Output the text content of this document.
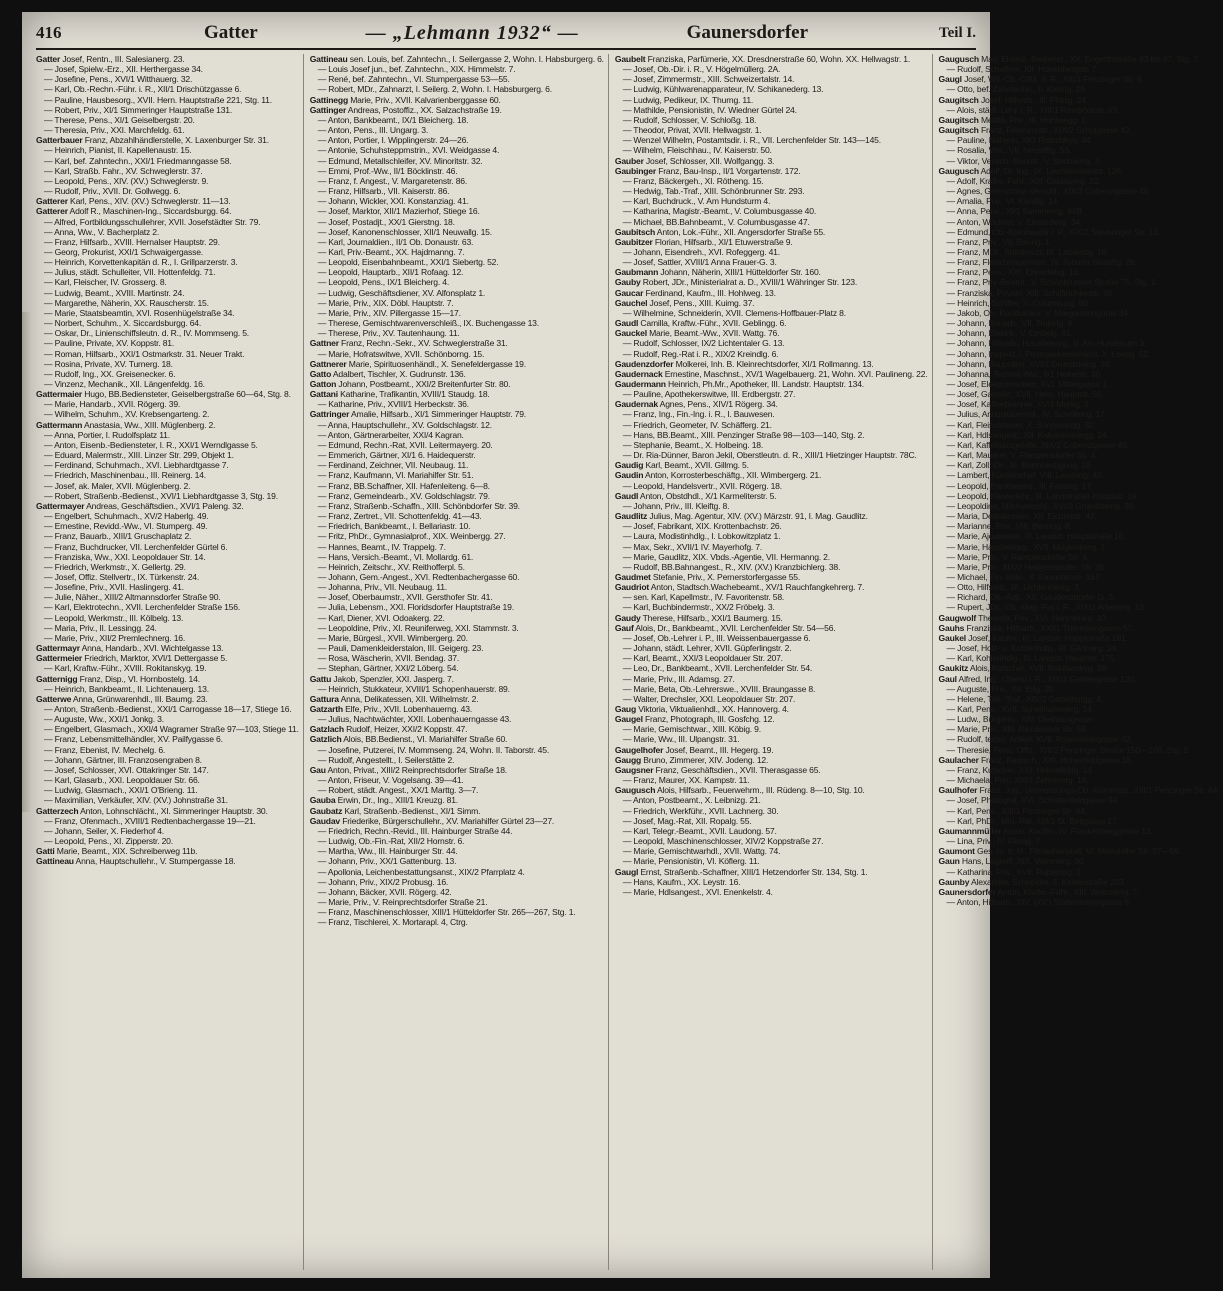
416	Gatter	— „Lehmann 1932“ —	Gaunersdorfer	Teil I.
Gatter Josef, Rentn., III. Salesianerg. 23.
— Josef, Spielw.-Erz., XII. Herthergasse 34.
— Josefine, Pens., XVI/1 Witthauerg. 32.
— Karl, Ob.-Rechn.-Führ. i. R., XII/1 Drischützgasse 6.
— Pauline, Hausbesorg., XVII. Hern. Hauptstraße 221, Stg. 11.
— Robert, Priv., XI/1 Simmeringer Hauptstraße 131.
— Therese, Pens., XI/1 Geiselbergstr. 20.
— Theresia, Priv., XXI. Marchfeldg. 61.
Gatterbauer Franz, Abzahlhändlerstelle, X. Laxenburger Str. 31.
— Heinrich, Pianist, II. Kapellenaustr. 15.
— Karl, bef. Zahntechn., XXI/1 Friedmanngasse 58.
— Karl, Straßb. Fahr., XV. Schweglerstr. 37.
— Leopold, Pens., XIV. (XV.) Schweglerstr. 9.
— Rudolf, Priv., XVII. Dr. Gollwegg. 6.
Gatterer Karl, Pens., XIV. (XV.) Schweglerstr. 11—13.
Gatterer Adolf R., Maschinen-Ing., Siccardsburgg. 64.
— Alfred, Fortbildungsschullehrer, XVII. Josefstädter Str. 79.
— Anna, Ww., V. Bacherplatz 2.
— Franz, Hilfsarb., XVIII. Hernalser Hauptstr. 29.
— Georg, Prokurist, XXI/1 Schwaigergasse.
— Heinrich, Korvettenkapitän d. R., I. Grillparzerstr. 3.
— Julius, städt. Schulleiter, VII. Hottenfeldg. 71.
— Karl, Fleischer, IV. Grosserg. 8.
— Ludwig, Beamt., XVIII. Martinstr. 24.
— Margarethe, Näherin, XX. Rauscherstr. 15.
— Marie, Staatsbeamtin, XVI. Rosenhügelstraße 34.
— Norbert, Schuhm., X. Siccardsburgg. 64.
— Oskar, Dr., Linienschiffsleutn. d. R., IV. Mommseng. 5.
— Pauline, Private, XV. Koppstr. 81.
— Roman, Hilfsarb., XXI/1 Ostmarkstr. 31. Neuer Trakt.
— Rosina, Private, XV. Turnerg. 18.
— Rudolf, Ing., XX. Greisenecker. 6.
— Vinzenz, Mechanik., XII. Längenfeldg. 16.
Gattermaier Hugo, BB.Bediensteter, Geiselbergstraße 60—64, Stg. 8.
— Marie, Handarb., XVII. Rögerg. 39.
— Wilhelm, Schuhm., XV. Krebsengarteng. 2.
Gattermann Anastasia, Ww., XIII. Müglenberg. 2.
— Anna, Portier, I. Rudolfsplatz 11.
— Anton, Eisenb.-Bediensteter, I. R., XXI/1 Werndlgasse 5.
— Eduard, Malermstr., XIII. Linzer Str. 299, Objekt 1.
— Ferdinand, Schuhmach., XVI. Liebhardtgasse 7.
— Friedrich, Maschinenbau., III. Reinerg. 14.
— Josef, ak. Maler, XVII. Müglenberg. 2.
— Robert, Straßenb.-Bedienst., XVI/1 Liebhardtgasse 3, Stg. 19.
Gattermayer Andreas, Geschäftsdien., XVI/1 Paleng. 32.
— Engelbert, Schuhmach., XV/2 Haberlg. 49.
— Ernestine, Revidd.-Ww., VI. Stumperg. 49.
— Franz, Bauarb., XIII/1 Gruschaplatz 2.
— Franz, Buchdrucker, VII. Lerchenfelder Gürtel 6.
— Franziska, Ww., XXI. Leopoldauer Str. 14.
— Friedrich, Werkmstr., X. Gellertg. 29.
— Josef, Offiz. Stellvertr., IX. Türkenstr. 24.
— Josefine, Priv., XVII. Haslingerg. 41.
— Julie, Näher., XIII/2 Altmannsdorfer Straße 90.
— Karl, Elektrotechn., XVII. Lerchenfelder Straße 156.
— Leopold, Werkmstr., III. Kölbelg. 13.
— Maria, Priv., II. Lessingg. 24.
— Marie, Priv., XII/2 Premlechnerg. 16.
Gattermayr Anna, Handarb., XVI. Wichtelgasse 13.
Gattermeier Friedrich, Marktor, XVI/1 Dettergasse 5.
— Karl, Kraftw.-Führ., XVIII. Rokitanskyg. 19.
Gatternigg Franz, Disp., VI. Hornbostelg. 14.
— Heinrich, Bankbeamt., II. Lichtenauerg. 13.
Gatterwe Anna, Grünwarenhdl., III. Baumg. 23.
— Anton, Straßenb.-Bedienst., XXI/1 Carrogasse 18—17, Stiege 16.
— Auguste, Ww., XXI/1 Jonkg. 3.
— Engelbert, Glasmach., XXI/4 Wagramer Straße 97—103, Stiege 11.
— Franz, Lebensmittelhändler, XV. Pailfygasse 6.
— Franz, Ebenist, IV. Mechelg. 6.
— Johann, Gärtner, III. Franzosengraben 8.
— Josef, Schlosser, XVI. Ottakringer Str. 147.
— Karl, Glasarb., XXI. Leopoldauer Str. 66.
— Ludwig, Glasmach., XXI/1 O'Brieng. 11.
— Maximilian, Verkäufer, XIV. (XV.) Johnstraße 31.
Gatterzech Anton, Lohnschlächt., XI. Simmeringer Hauptstr. 30.
— Franz, Ofenmach., XVIII/1 Redtenbachergasse 19—21.
— Johann, Seiler, X. Fiederhof 4.
— Leopold, Pens., XI. Zipperstr. 20.
Gatti Marie, Beamt., XIX. Schreiberweg 11b.
Gattineau Anna, Hauptschullehr., V. Stumpergasse 18.
Gattineau sen. Louis, bef. Zahntechn., I. Seilergasse 2, Wohn. I. Habsburgerg. 6.
— Louis Josef jun., bef. Zahntechn., XIX. Himmelstr. 7.
— René, bef. Zahntechn., VI. Stumpergasse 53—55.
— Robert, MDr., Zahnarzt, I. Seilerg. 2, Wohn. I. Habsburgerg. 6.
Gattinegg Marie, Priv., XVII. Kalvarienberggasse 60.
Gattinger Andreas, Postoffiz., XX. Salzachstraße 19.
— Anton, Bankbeamt., IX/1 Bleicherg. 18.
— Anton, Pens., III. Ungarg. 3.
— Anton, Portier, I. Wipplingerstr. 24—26.
— Antonie, Schuhsteppmstrin., XVI. Weidgasse 4.
— Edmund, Metallschleifer, XV. Minoritstr. 32.
— Emmi, Prof.-Ww., II/1 Böcklinstr. 46.
— Franz, f. Angest., V. Margaretenstr. 86.
— Franz, Hilfsarb., VII. Kaiserstr. 86.
— Johann, Wickler, XXI. Konstanziag. 41.
— Josef, Marktor, XII/1 Mazierhof, Stiege 16.
— Josef, Postadjt., XX/1 Gierstng. 18.
— Josef, Kanonenschlosser, XII/1 Neuwallg. 15.
— Karl, Journaldien., II/1 Ob. Donaustr. 63.
— Karl, Priv.-Beamt., XX. Hajdmanng. 7.
— Leopold, Eisenbahnbeamt., XXI/1 Siebertg. 52.
— Leopold, Hauptarb., XII/1 Rofaag. 12.
— Leopold, Pens., IX/1 Bleicherg. 4.
— Ludwig, Geschäftsdiener, XV. Alfonsplatz 1.
— Marie, Priv., XIX. Döbl. Hauptstr. 7.
— Marie, Priv., XIV. Pillergasse 15—17.
— Therese, Gemischtwarenverschleiß., IX. Buchengasse 13.
— Therese, Priv., XV. Tautenhaung. 11.
Gattner Franz, Rechn.-Sekr., XV. Schweglerstraße 31.
— Marie, Hofratswitwe, XVII. Schönborng. 15.
Gattnerer Marie, Spirituosenhändl., X. Senefeldergasse 19.
Gatto Adalbert, Tischler, X. Gudrunstr. 136.
Gatton Johann, Postbeamt., XXI/2 Breitenfurter Str. 80.
Gattani Katharine, Trafikantin, XVIII/1 Staudg. 18.
— Katharine, Priv., XVIII/1 Herbeckstr. 36.
Gattringer Amalie, Hilfsarb., XI/1 Simmeringer Hauptstr. 79.
— Anna, Hauptschullehr., XV. Goldschlagstr. 12.
— Anton, Gärtnerarbeiter, XXI/4 Kagran.
— Edmund, Rechn.-Rat, XVII. Leitermayerg. 20.
— Emmerich, Gärtner, XI/1 6. Haidequerstr.
— Ferdinand, Zeichner, VII. Neubaug. 11.
— Franz, Kaufmann, VI. Mariahilfer Str. 51.
— Franz, BB.Schaffner, XII. Hafenleiteng. 6—8.
— Franz, Gemeindearb., XV. Goldschlagstr. 79.
— Franz, Straßenb.-Schaffn., XIII. Schönbdorfer Str. 39.
— Franz, Zertret., VII. Schottenfeldg. 41—43.
— Friedrich, Bankbeamt., I. Bellariastr. 10.
— Fritz, PhDr., Gymnasialprof., XIX. Weinbergg. 27.
— Hannes, Beamt., IV. Trappelg. 7.
— Hans, Versich.-Beamt., VI. Mollardg. 61.
— Heinrich, Zeitschr., XV. Reithofferpl. 5.
— Johann, Gem.-Angest., XVI. Redtenbachergasse 60.
— Johanna, Priv., VII. Neubaug. 11.
— Josef, Oberbaumstr., XVII. Gersthofer Str. 41.
— Julia, Lebensm., XXI. Floridsdorfer Hauptstraße 19.
— Karl, Diener, XVI. Odoakerg. 22.
— Leopoldine, Priv., XI. Reuniferweg, XXI. Stammstr. 3.
— Marie, Bürgesl., XVII. Wimbergerg. 20.
— Pauli, Damenkleiderstalon, III. Geigerg. 23.
— Rosa, Wäscherin, XVII. Bendag. 37.
— Stephan, Gärtner, XXI/2 Löberg. 54.
Gattu Jakob, Spenzler, XXI. Jasperg. 7.
— Heinrich, Stukkateur, XVIII/1 Schopenhauerstr. 89.
Gattura Anna, Delikatessen, XII. Wilhelmstr. 2.
Gatzarth Elfe, Priv., XVII. Lobenhauerng. 43.
— Julius, Nachtwächter, XXII. Lobenhauerngasse 43.
Gatzlach Rudolf, Heizer, XXI/2 Koppstr. 47.
Gatzlich Alois, BB.Bedienst., VI. Mariahilfer Straße 60.
— Josefine, Putzerei, IV. Mommseng. 24, Wohn. II. Taborstr. 45.
— Rudolf, Angestellt., I. Seilerstätte 2.
Gau Anton, Privat., XIII/2 Reinprechtsdorfer Straße 18.
— Anton, Friseur, V. Vogelsang. 39—41.
— Robert, städt. Angest., XX/1 Marttg. 3—7.
Gauba Erwin, Dr., Ing., XIII/1 Kreuzg. 81.
Gaubatz Karl, Straßenb.-Bedienst., XI/1 Simm.
Gaudav Friederike, Bürgerschullehr., XV. Mariahilfer Gürtel 23—27.
— Friedrich, Rechn.-Revid., III. Hainburger Straße 44.
— Ludwig, Ob.-Fin.-Rat, XII/2 Hornstr. 6.
— Martha, Ww., III. Hainburger Str. 44.
— Johann, Priv., XX/1 Gattenburg. 13.
— Apollonia, Leichenbestattungsanst., XIX/2 Pfarrplatz 4.
— Johann, Priv., XIX/2 Probusg. 16.
— Johann, Bäcker, XVII. Rögerg. 42.
— Marie, Priv., V. Reinprechtsdorfer Straße 21.
— Franz, Maschinenschlosser, XIII/1 Hütteldorfer Str. 265—267, Stg. 1.
— Franz, Tischlerei, X. Mortarapl. 4, Ctrg.
Gaubelt Franziska, Parfümerie, XX. Dresdnerstraße 60, Wohn. XX. Hellwagstr. 1.
— Josef, Ob.-Dir. i. R., V. Högelmüllerg. 2A.
— Josef, Zimmermstr., XIII. Schweizertalstr. 14.
— Ludwig, Kühlwarenapparateur, IV. Schikanederg. 13.
— Ludwig, Pedikeur, IX. Thurng. 11.
— Mathilde, Pensionistin, IV. Wiedner Gürtel 24.
— Rudolf, Schlosser, V. Schloßg. 18.
— Theodor, Privat, XVII. Hellwagstr. 1.
— Wenzel Wilhelm, Postamtsdir. i. R., VII. Lerchenfelder Str. 143—145.
— Wilhelm, Fleischhau., IV. Kaiserstr. 50.
Gauber Josef, Schlosser, XII. Wolfgangg. 3.
Gaubinger Franz, Bau-Insp., II/1 Vorgartenstr. 172.
— Franz, Bäckergeh., XI. Rötheng. 15.
— Hedwig, Tab.-Traf., XIII. Schönbrunner Str. 293.
— Karl, Buchdruck., V. Am Hundsturm 4.
— Katharina, Magistr.-Beamt., V. Columbusgasse 40.
— Michael, BB.Bahnbeamt., V. Columbusgasse 47.
Gaubitsch Anton, Lok.-Führ., XII. Angersdorfer Straße 55.
Gaubitzer Florian, Hilfsarb., XI/1 Etuwerstraße 9.
— Johann, Eisendreh., XVI. Rofeggerg. 41.
— Josef, Sattler, XVIII/1 Anna Frauer-G. 3.
Gaubmann Johann, Näherin, XIII/1 Hütteldorfer Str. 160.
Gauby Robert, JDr., Ministerialrat a. D., XVIII/1 Währinger Str. 123.
Gaucar Ferdinand, Kaufm., III. Hohlweg. 13.
Gauchel Josef, Pens., XIII. Kuimg. 37.
— Wilhelmine, Schneiderin, XVII. Clemens-Hoffbauer-Platz 8.
Gaudl Camilla, Kraftw.-Führ., XVII. Geblingg. 6.
Gauckel Marie, Beamt.-Ww., XVII. Wattg. 76.
— Rudolf, Schlosser, IX/2 Lichtentaler G. 13.
— Rudolf, Reg.-Rat i. R., XIX/2 Kreindlg. 6.
Gaudenzdorfer Molkerei, Inh. B. Kleinrechtsdorfer, XI/1 Rollmanng. 13.
Gaudernack Ernestine, Maschnst., XV/1 Wagelbauerg. 21, Wohn. XVI. Paulineng. 22.
Gaudermann Heinrich, Ph.Mr., Apotheker, III. Landstr. Hauptstr. 134.
— Pauline, Apothekerswitwe, III. Erdbergstr. 27.
Gaudernak Agnes, Pens., XIV/1 Rögerg. 34.
— Franz, Ing., Fin.-Ing. i. R., I. Bauwesen.
— Friedrich, Geometer, IV. Schäfferg. 21.
— Hans, BB.Beamt., XIII. Penzinger Straße 98—103—140, Stg. 2.
— Stephanie, Beamt., X. Holbeing. 18.
— Dr. Ria-Dünner, Baron Jekil, Oberstleutn. d. R., XIII/1 Hietzinger Hauptstr. 78C.
Gaudig Karl, Beamt., XVII. Gillmg. 5.
Gaudin Anton, Korrosterbeschäftg., XII. Wimbergerg. 21.
— Leopold, Handelsvertr., XVII. Rögerg. 18.
Gaudl Anton, Obstdhdl., X/1 Karmeliterstr. 5.
— Johann, Priv., III. Kleiftg. 8.
Gaudlitz Julius, Mag. Agentur, XIV. (XV.) Märzstr. 91, I. Mag. Gaudlitz.
— Josef, Fabrikant, XIX. Krottenbachstr. 26.
— Laura, Modistinhdlg., I. Lobkowitzplatz 1.
— Max, Sekr., XVII/1 IV. Mayerhofg. 7.
— Marie, Gaudlitz, XIX. Vbds.-Agentie, VII. Hermanng. 2.
— Rudolf, BB.Bahnangest., R., XIV. (XV.) Kranzbichlerg. 38.
Gaudmet Stefanie, Priv., X. Pernerstorfergasse 55.
Gaudriot Anton, Stadtsch.Wachebeamt., XV/1 Rauchfangkehrerg. 7.
— sen. Karl, Kapellmstr., IV. Favoritenstr. 58.
— Karl, Buchbindermstr., XX/2 Fröbelg. 3.
Gaudy Therese, Hilfsarb., XXI/1 Baumerg. 15.
Gauf Alois, Dr., Bankbeamt., XVII. Lerchenfelder Str. 54—56.
— Josef, Ob.-Lehrer i. P., III. Weissenbauergasse 6.
— Johann, städt. Lehrer, XVII. Güpferlingstr. 2.
— Karl, Beamt., XXI/3 Leopoldauer Str. 207.
— Leo, Dr., Bankbeamt., XVII. Lerchenfelder Str. 54.
— Marie, Priv., III. Adamsg. 27.
— Marie, Beta, Ob.-Lehrerswe., XVIII. Braungasse 8.
— Walter, Drechsler, XXI. Leopoldauer Str. 207.
Gaug Viktoria, Viktualienhdl., XX. Hannoverg. 4.
Gaugel Franz, Photograph, III. Gosfchg. 12.
— Marie, Gemischtwar., XIII. Köbig. 9.
— Marie, Ww., III. Ulpangstr. 31.
Gaugelhofer Josef, Beamt., III. Hegerg. 19.
Gaugg Bruno, Zimmerer, XIV. Jodeng. 12.
Gaugsner Franz, Geschäftsdien., XVII. Therasgasse 65.
— Franz, Maurer, XX. Kampstr. 11.
Gaugusch Alois, Hilfsarb., Feuerwehrm., III. Rüdeng. 8—10, Stg. 10.
— Anton, Postbeamt., X. Leibnizg. 21.
— Friedrich, Werkführ., XVII. Lachnerg. 30.
— Josef, Mag.-Rat, XII. Ropalg. 55.
— Karl, Telegr.-Beamt., XVII. Laudong. 57.
— Leopold, Maschinenschlosser, XIV/2 Koppstraße 27.
— Marie, Gemischtwarhdl., XVII. Wattg. 74.
— Marie, Pensionistin, VI. Köflerg. 11.
Gaugl Ernst, Straßenb.-Schaffner, XIII/1 Hetzendorfer Str. 134, Stg. 1.
— Hans, Kaufm., XX. Leystr. 16.
— Marie, Hdlsangest., XVI. Enenkelstr. 4.
Gaugusch Max, Eisenb.-Bedienst., XX. Engerthstraße 83 bis 97, Stg. 7.
— Rudolf, Schaffner, XII. Hohenbergstr. 7.
Gaugl Josef, Wil.-Ob.-Offiz. d. R., XIII/1 Penzinger Str. 9.
— Otto, bef. Zahntechn., II. Kleistg. 29.
Gaugitsch Josef, Hilfsarb., III. Pfarrg. 24.
— Alois, städt. Lehr. i. R., XIII/1 Rinnböckstr. 63.
Gaugitsch Melitta, Priv., III. Hohlwegg. 1.
Gaugitsch Franz, Friseurmstr., XIX/2 Schulgasse 42.
— Pauline, Näherin, XI/1 Ratschkyg. 44.
— Rosalia, Ww., VII. Neustiftg. 53.
— Viktor, Versich.-Beamt., V. Strobachg. 3.
Gaugusch Adolf, Dr. Ing., IX. Liechtensteinstr. 126.
— Adolf, Kraftw.-Führ., XIII. Glasauerg. 22.
— Agnes, Gemischtw.-Verschl., XIX/2 Cobenzlgasse 46.
— Amalia, Priv., VI. Kandlg. 14.
— Anna, Pens., XI/1 Sommerng. 94B.
— Anton, Wächter, V. Einsiedlerg. 34.
— Edmund, Ob.-Kommissär i. P., XIX/2 Sieveringer Str. 13.
— Franz, Priv., VII. Baung. 1.
— Franz, MDr., Spitalsarzt, IX. Lazarettg. 16.
— Franz, Fleischhauermstr., IV. Johann Straußg. 26.
— Franz, Pens., XXI. Ehrenfelsg. 16.
— Franz, Priv.-Beamt., V. Schönbrunner Straße 75, Stg. 1.
— Franziska, Private, XIII. Schiffmühlenstr. 55.
— Heinrich, Schiffer, X. Columbusg. 80.
— Jakob, Ob.-Kondukteur, V. Margaretengürtel 34.
— Johann, Bauarb., VII. Trubelg. 6.
— Johann, Elektrit., V. Embelg. 41.
— Johann, Hilfsarb., Hausbesorg., V. Am Hundsturm 3.
— Johann, Inspekt. i. Postsparkassenamt, X. Leebg. 52.
— Johann, Baupoliter, XVI/1 Grundsteing. 39.
— Johanna, Technik-Ww., II/1 Heinestr. 36.
— Josef, Elektromonteur, XVI. Mittergasse 1.
— Josef, Gastwirt, XVII. Hern. Hauptstr. 56.
— Josef, Kaffeebrenner, XV/1 Markg. 3.
— Julius, Antiquitätenhdl., IV. Schelleing. 17.
— Karl, Fleischhauer, X. Sonnwendg. 32.
— Karl, Hdlsangest., XII. Kalvarienbergg. 24.
— Karl, Kaffehausgehilfe, XIX/2 Cobenzlgasse 46.
— Karl, Mauerer, V. Rampersdorfer Str. 4.
— Karl, Zoll.-Dir., III. Barmherzigeng. 19.
— Lambert, Küchenchef, VIII. Laudong. 40.
— Leopold, Bankbeamt., III. Fasang. 17.
— Leopold, Klavierlehr., III. Landstraßer Hauptstr. 16.
— Leopoldine, Milchverschl., XVI/2 Grundsteing. 39.
— Maria, Delikatessen, XII. Eichenstr. 42.
— Marianne, Priv., VIII. Bennog. 8.
— Marie, Ajourierein, III. Landstr. Hauptstraße 16.
— Marie, Hausbesorg., XVII. Müglenberg. 1.
— Marie, Priv., V. Rampersdorfer Str. 4.
— Marie, Priv., XIX/2 Heiligenstädter Str. 35.
— Michael, Fin.-Sekr., X. Favoritenstr. 167.
— Otto, Hilfsarb., IX. Lichtentalerg. 3.
— Richard, Ob.-Adjt., XII. Gaudenzdorfer G. 3.
— Rupert, JDr., Ob.-Mag.-Rat i. R., XIX/2 Arbeiterg. 13.
Gaugwolf Theresia, Priv., XVI. Hanmerleg. 10.
Gauhs Franziska, Hilfsarb., XXI/1 Theresiengasse 57.
Gaukel Josef, Kaufm., III. Landstr. Hauptstraße 181.
— Josef, Holz- u. Kohlenhdlg., III. Gärtnerg. 14.
— Karl, Kohlenhdlg., III. Landstr. Hauptstr. 175.
Gaukitz Alois, Kutscher, XVII. Rokitanskyg. 29.
Gaul Alfred, Ing., Oberst i. R., XIX/1 Gabllergasse 120.
— Auguste, Priv., XII. Erlg. 20.
— Helene, Tab.-Traf., XIV/2 Gatterburgg. 4.
— Karl, Pens., XVII. Schellhammerg. 14.
— Ludw., Bürgerm., XIV. Dreihausgasse.
— Marie, Priv., XIII. Rinnbacher Str. 59.
— Rudolf, techn. Artikel, XVII. Rosensteingasse 42.
— Theresie, Pens. Offiz., XIII/2 Penzinger Straße 150—166, Stg. 2.
Gaulacher Franz, Kautsch., XXI. Hohenfeldgasse 16.
— Franz, Kutscher, XXI. Hohenfeldg. 14.
— Michaela, Priv., XIII/1 Zehetnerg. 16.
Gaulhofer Franz, Jug., Vermessungs-Ob.-Kommiss., XIII/1 Penzinger Str. 64.
— Josef, Photograf, XVI. Schottenfeldgasse 94.
— Karl, Pens., XIII/1 Penzinger Str. 64.
— Karl, PhDr., Min.-Rat, XIII/1 St. Beitgasse 17.
Gaumannmüller Anton, Kaufm., IV. Frankenberggasse 13.
— Lina, Priv., IV. Florag. 7.
Gaumont Ges. m. b. H., Filmleihanstalt, VI. Mariahilfer Str. 57—59.
Gaun Hans, Lagerift, XIX. Wimmerg. 80.
— Katharina, Priv., XVII. Ruperusg. 2.
Gaunby Alexander, Schneider, II. Kaiserstraße 203.
Gaunersdorfer Anton, Kraftw.-Führ., XIII. Weinzierlg. 7.
— Anton, Hilfsarb., XIV. (XV.) Stättermayergasse 8.
